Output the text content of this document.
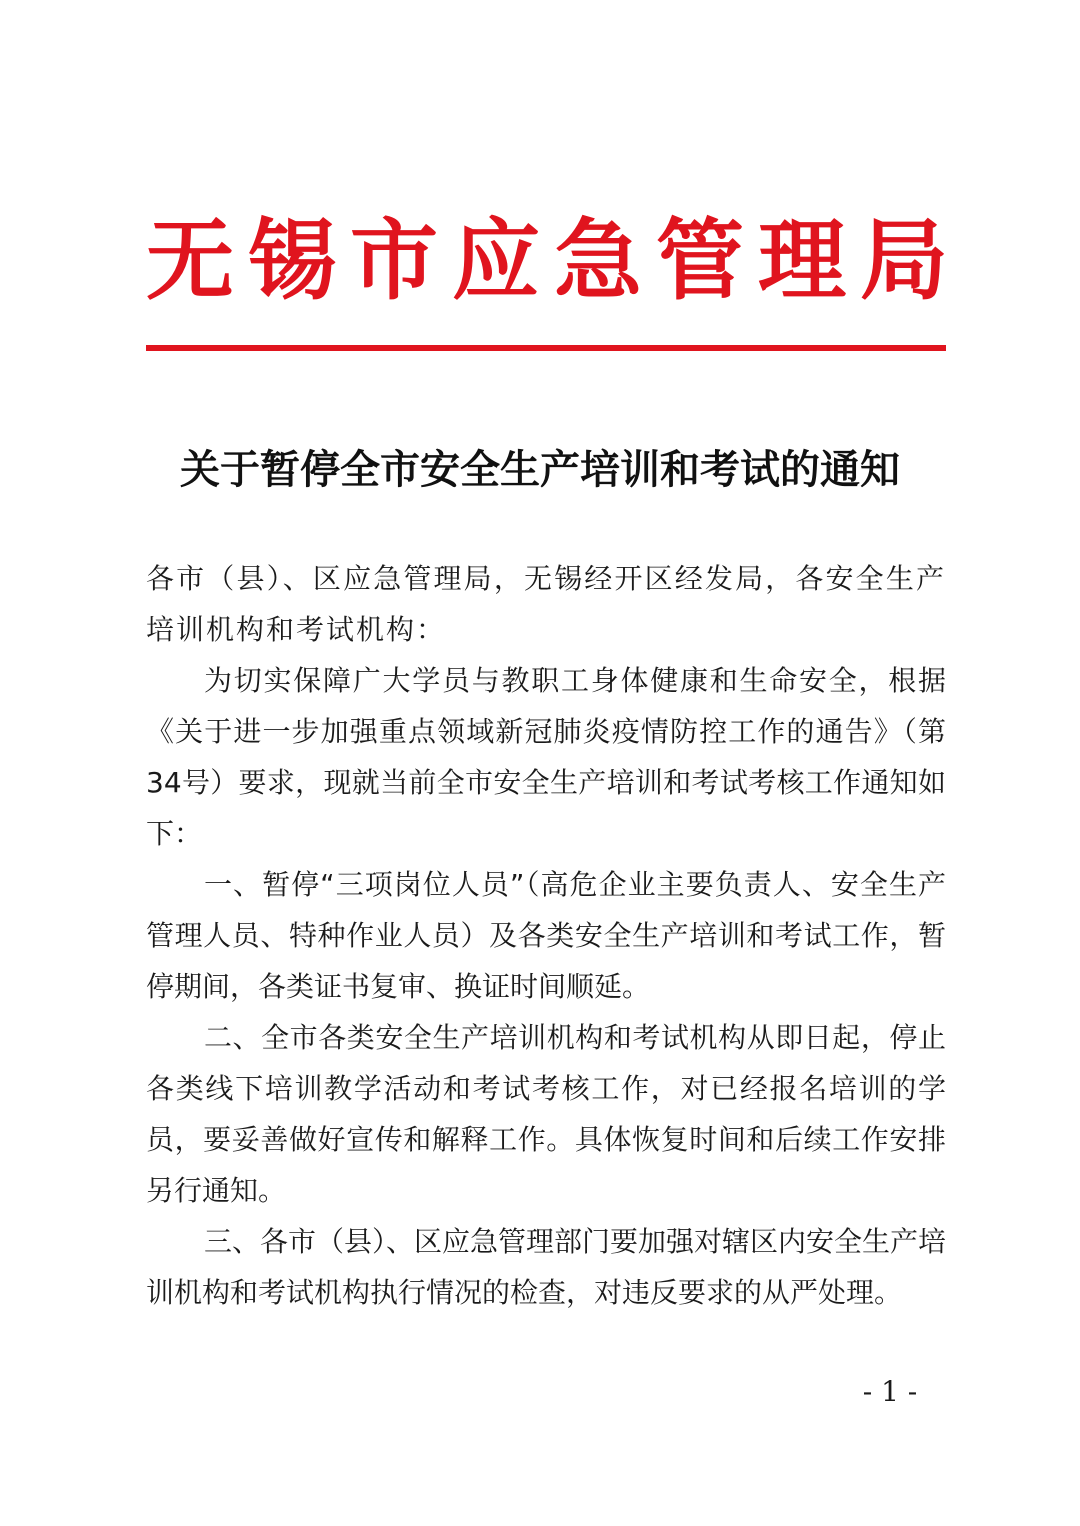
无锡市应急管理局
关于暂停全市安全生产培训和考试的通知

各市（县）、区应急管理局，无锡经开区经发局，各安全生产培训机构和考试机构：

为切实保障广大学员与教职工身体健康和生命安全，根据《关于进一步加强重点领域新冠肺炎疫情防控工作的通告》（第34号）要求，现就当前全市安全生产培训和考试考核工作通知如下：

一、暂停“三项岗位人员”（高危企业主要负责人、安全生产管理人员、特种作业人员）及各类安全生产培训和考试工作，暂停期间，各类证书复审、换证时间顺延。

二、全市各类安全生产培训机构和考试机构从即日起，停止各类线下培训教学活动和考试考核工作，对已经报名培训的学员，要妥善做好宣传和解释工作。具体恢复时间和后续工作安排另行通知。

三、各市（县）、区应急管理部门要加强对辖区内安全生产培训机构和考试机构执行情况的检查，对违反要求的从严处理。

- 1 -
